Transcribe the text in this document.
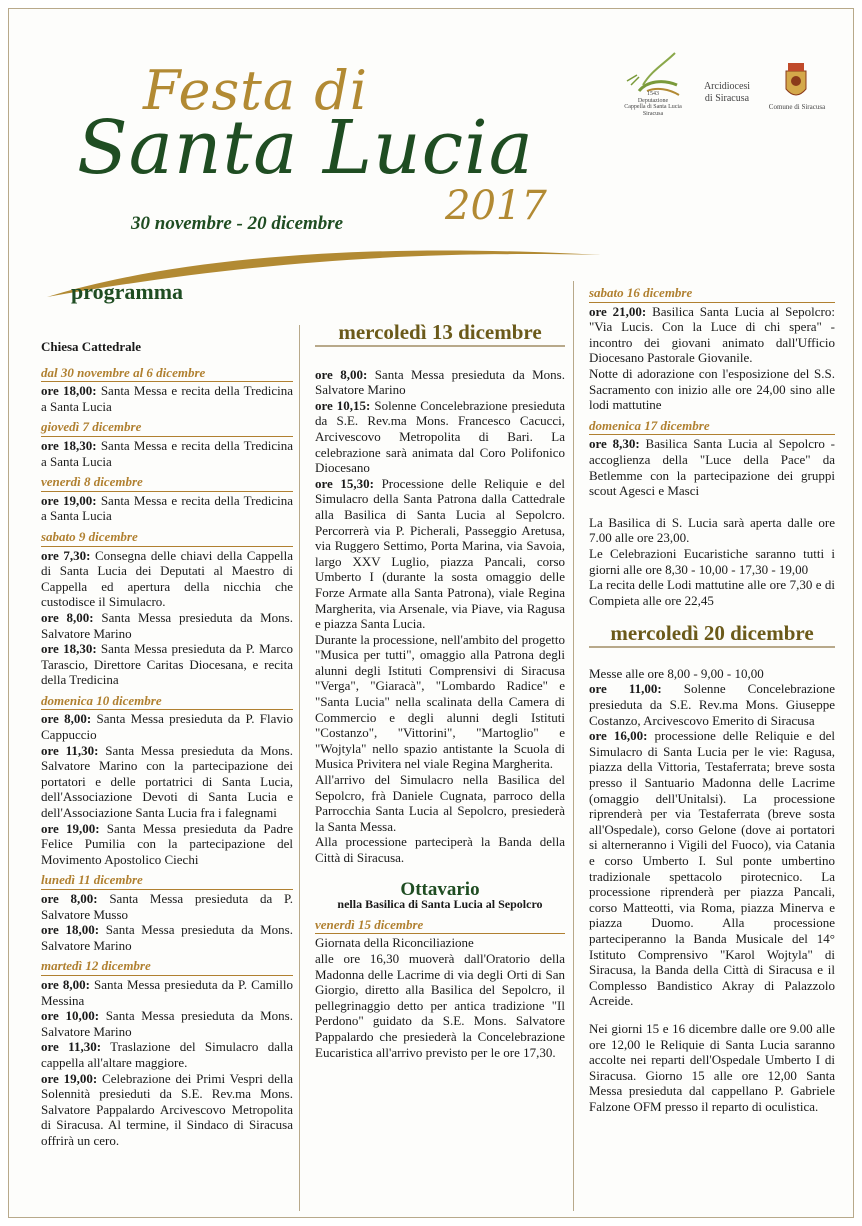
Festa di
Santa Lucia
2017
30 novembre - 20 dicembre
programma
1543
Deputazione
Cappella di Santa Lucia
Siracusa
Arcidiocesi
di Siracusa
Comune di Siracusa
Chiesa Cattedrale
dal 30 novembre al 6 dicembre
ore 18,00: Santa Messa e recita della Tredicina a Santa Lucia
giovedì 7 dicembre
ore 18,30: Santa Messa e recita della Tredicina a Santa Lucia
venerdì 8 dicembre
ore 19,00: Santa Messa e recita della Tredicina a Santa Lucia
sabato 9 dicembre
ore 7,30: Consegna delle chiavi della Cappella di Santa Lucia dei Deputati al Maestro di Cappella ed apertura della nicchia che custodisce il Simulacro.
ore 8,00: Santa Messa presieduta da Mons. Salvatore Marino
ore 18,30: Santa Messa presieduta da P. Marco Tarascio, Direttore Caritas Diocesana, e recita della Tredicina
domenica 10 dicembre
ore 8,00: Santa Messa presieduta da P. Flavio Cappuccio
ore 11,30: Santa Messa presieduta da Mons. Salvatore Marino con la partecipazione dei portatori e delle portatrici di Santa Lucia, dell'Associazione Devoti di Santa Lucia e dell'Associazione Santa Lucia fra i falegnami
ore 19,00: Santa Messa presieduta da Padre Felice Pumilia con la partecipazione del Movimento Apostolico Ciechi
lunedì 11 dicembre
ore 8,00: Santa Messa presieduta da P. Salvatore Musso
ore 18,00: Santa Messa presieduta da Mons. Salvatore Marino
martedì 12 dicembre
ore 8,00: Santa Messa presieduta da P. Camillo Messina
ore 10,00: Santa Messa presieduta da Mons. Salvatore Marino
ore 11,30: Traslazione del Simulacro dalla cappella all'altare maggiore.
ore 19,00: Celebrazione dei Primi Vespri della Solennità presieduti da S.E. Rev.ma Mons. Salvatore Pappalardo Arcivescovo Metropolita di Siracusa. Al termine, il Sindaco di Siracusa offrirà un cero.
mercoledì 13 dicembre
ore 8,00: Santa Messa presieduta da Mons. Salvatore Marino
ore 10,15: Solenne Concelebrazione presieduta da S.E. Rev.ma Mons. Francesco Cacucci, Arcivescovo Metropolita di Bari. La celebrazione sarà animata dal Coro Polifonico Diocesano
ore 15,30: Processione delle Reliquie e del Simulacro della Santa Patrona dalla Cattedrale alla Basilica di Santa Lucia al Sepolcro. Percorrerà via P. Picherali, Passeggio Aretusa, via Ruggero Settimo, Porta Marina, via Savoia, largo XXV Luglio, piazza Pancali, corso Umberto I (durante la sosta omaggio delle Forze Armate alla Santa Patrona), viale Regina Margherita, via Arsenale, via Piave, via Ragusa e piazza Santa Lucia.
Durante la processione, nell'ambito del progetto "Musica per tutti", omaggio alla Patrona degli alunni degli Istituti Comprensivi di Siracusa "Verga", "Giaracà", "Lombardo Radice" e "Santa Lucia" nella scalinata della Camera di Commercio e degli alunni degli Istituti "Costanzo", "Vittorini", "Martoglio" e "Wojtyla" nello spazio antistante la Scuola di Musica Privitera nel viale Regina Margherita.
All'arrivo del Simulacro nella Basilica del Sepolcro, frà Daniele Cugnata, parroco della Parrocchia Santa Lucia al Sepolcro, presiederà la Santa Messa.
Alla processione parteciperà la Banda della Città di Siracusa.
Ottavario
nella Basilica di Santa Lucia al Sepolcro
venerdì 15 dicembre
Giornata della Riconciliazione
alle ore 16,30 muoverà dall'Oratorio della Madonna delle Lacrime di via degli Orti di San Giorgio, diretto alla Basilica del Sepolcro, il pellegrinaggio detto per antica tradizione "Il Perdono" guidato da S.E. Mons. Salvatore Pappalardo che presiederà la Concelebrazione Eucaristica all'arrivo previsto per le ore 17,30.
sabato 16 dicembre
ore 21,00: Basilica Santa Lucia al Sepolcro: "Via Lucis. Con la Luce di chi spera" - incontro dei giovani animato dall'Ufficio Diocesano Pastorale Giovanile.
Notte di adorazione con l'esposizione del S.S. Sacramento con inizio alle ore 24,00 sino alle lodi mattutine
domenica 17 dicembre
ore 8,30: Basilica Santa Lucia al Sepolcro - accoglienza della "Luce della Pace" da Betlemme con la partecipazione dei gruppi scout Agesci e Masci
La Basilica di S. Lucia sarà aperta dalle ore 7.00 alle ore 23,00.
Le Celebrazioni Eucaristiche saranno tutti i giorni alle ore 8,30 - 10,00 - 17,30 - 19,00
La recita delle Lodi mattutine alle ore 7,30 e di Compieta alle ore 22,45
mercoledì 20 dicembre
Messe alle ore 8,00 - 9,00 - 10,00
ore 11,00: Solenne Concelebrazione presieduta da S.E. Rev.ma Mons. Giuseppe Costanzo, Arcivescovo Emerito di Siracusa
ore 16,00: processione delle Reliquie e del Simulacro di Santa Lucia per le vie: Ragusa, piazza della Vittoria, Testaferrata; breve sosta presso il Santuario Madonna delle Lacrime (omaggio dell'Unitalsi). La processione riprenderà per via Testaferrata (breve sosta all'Ospedale), corso Gelone (dove ai portatori si alterneranno i Vigili del Fuoco), via Catania e corso Umberto I. Sul ponte umbertino tradizionale spettacolo pirotecnico. La processione riprenderà per piazza Pancali, corso Matteotti, via Roma, piazza Minerva e piazza Duomo. Alla processione parteciperanno la Banda Musicale del 14° Istituto Comprensivo "Karol Wojtyla" di Siracusa, la Banda della Città di Siracusa e il Complesso Bandistico Akray di Palazzolo Acreide.
Nei giorni 15 e 16 dicembre dalle ore 9.00 alle ore 12,00 le Reliquie di Santa Lucia saranno accolte nei reparti dell'Ospedale Umberto I di Siracusa. Giorno 15 alle ore 12,00 Santa Messa presieduta dal cappellano P. Gabriele Falzone OFM presso il reparto di oculistica.
